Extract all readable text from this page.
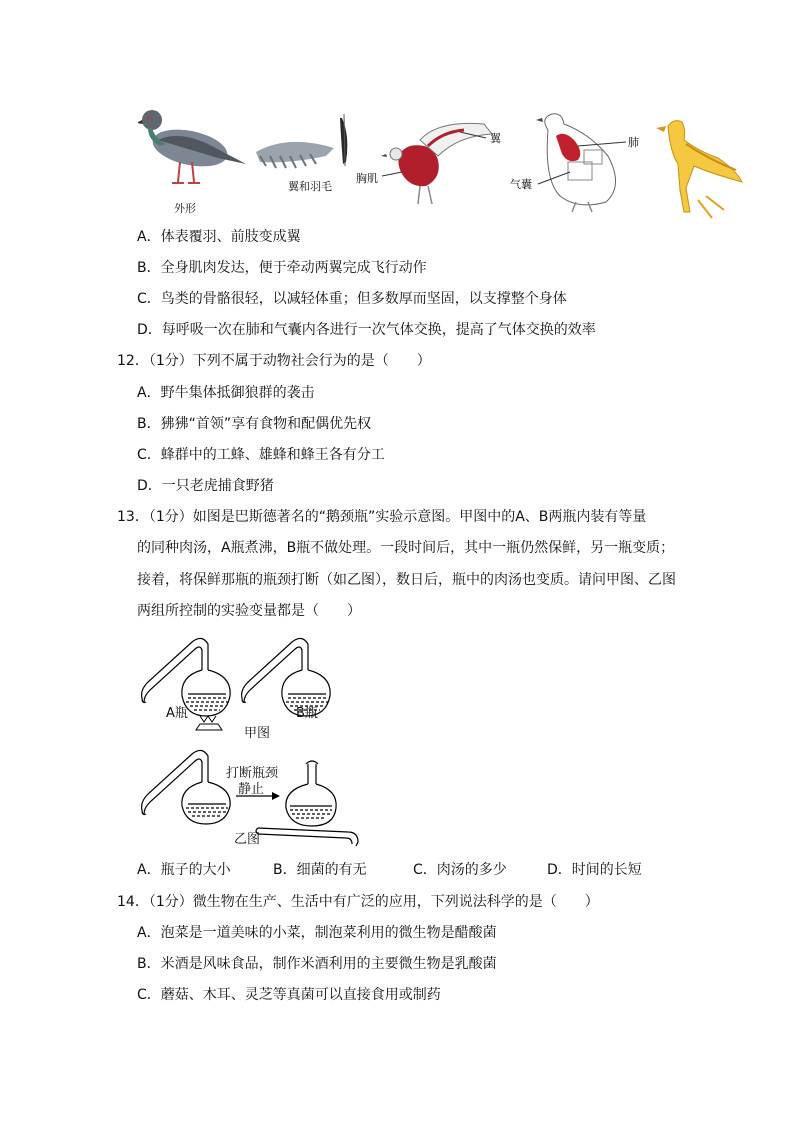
外形
翼和羽毛
翼
胸肌
肺
气囊
A．体表覆羽、前肢变成翼
B．全身肌肉发达，便于牵动两翼完成飞行动作
C．鸟类的骨骼很轻，以减轻体重；但多数厚而坚固，以支撑整个身体
D．每呼吸一次在肺和气囊内各进行一次气体交换，提高了气体交换的效率
12．（1分）下列不属于动物社会行为的是（　　）
A．野牛集体抵御狼群的袭击
B．狒狒“首领”享有食物和配偶优先权
C．蜂群中的工蜂、雄蜂和蜂王各有分工
D．一只老虎捕食野猪
13．（1分）如图是巴斯德著名的“鹅颈瓶”实验示意图。甲图中的A、B两瓶内装有等量
的同种肉汤，A瓶煮沸，B瓶不做处理。一段时间后，其中一瓶仍然保鲜，另一瓶变质；
接着，将保鲜那瓶的瓶颈打断（如乙图），数日后，瓶中的肉汤也变质。请问甲图、乙图
两组所控制的实验变量都是（　　）
A瓶	B瓶
甲图
打断瓶颈
静止
乙图
A．瓶子的大小	B．细菌的有无	C．肉汤的多少	D．时间的长短
14．（1分）微生物在生产、生活中有广泛的应用，下列说法科学的是（　　）
A．泡菜是一道美味的小菜，制泡菜利用的微生物是醋酸菌
B．米酒是风味食品，制作米酒利用的主要微生物是乳酸菌
C．蘑菇、木耳、灵芝等真菌可以直接食用或制药
